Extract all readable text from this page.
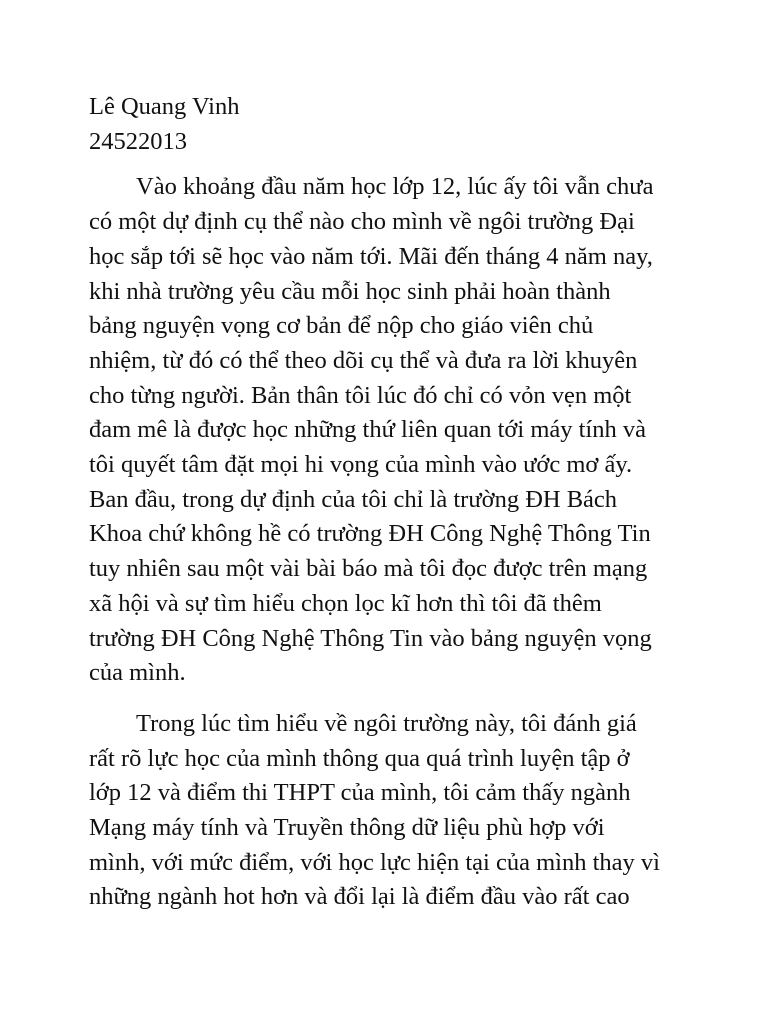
Lê Quang Vinh

24522013

Vào khoảng đầu năm học lớp 12, lúc ấy tôi vẫn chưa

có một dự định cụ thể nào cho mình về ngôi trường Đại

học sắp tới sẽ học vào năm tới. Mãi đến tháng 4 năm nay,

khi nhà trường yêu cầu mỗi học sinh phải hoàn thành

bảng nguyện vọng cơ bản để nộp cho giáo viên chủ

nhiệm, từ đó có thể theo dõi cụ thể và đưa ra lời khuyên

cho từng người. Bản thân tôi lúc đó chỉ có vỏn vẹn một

đam mê là được học những thứ liên quan tới máy tính và

tôi quyết tâm đặt mọi hi vọng của mình vào ước mơ ấy.

Ban đầu, trong dự định của tôi chỉ là trường ĐH Bách

Khoa chứ không hề có trường ĐH Công Nghệ Thông Tin

tuy nhiên sau một vài bài báo mà tôi đọc được trên mạng

xã hội và sự tìm hiểu chọn lọc kĩ hơn thì tôi đã thêm

trường ĐH Công Nghệ Thông Tin vào bảng nguyện vọng

của mình.

Trong lúc tìm hiểu về ngôi trường này, tôi đánh giá

rất rõ lực học của mình thông qua quá trình luyện tập ở

lớp 12 và điểm thi THPT của mình, tôi cảm thấy ngành

Mạng máy tính và Truyền thông dữ liệu phù hợp với

mình, với mức điểm, với học lực hiện tại của mình thay vì

những ngành hot hơn và đổi lại là điểm đầu vào rất cao
